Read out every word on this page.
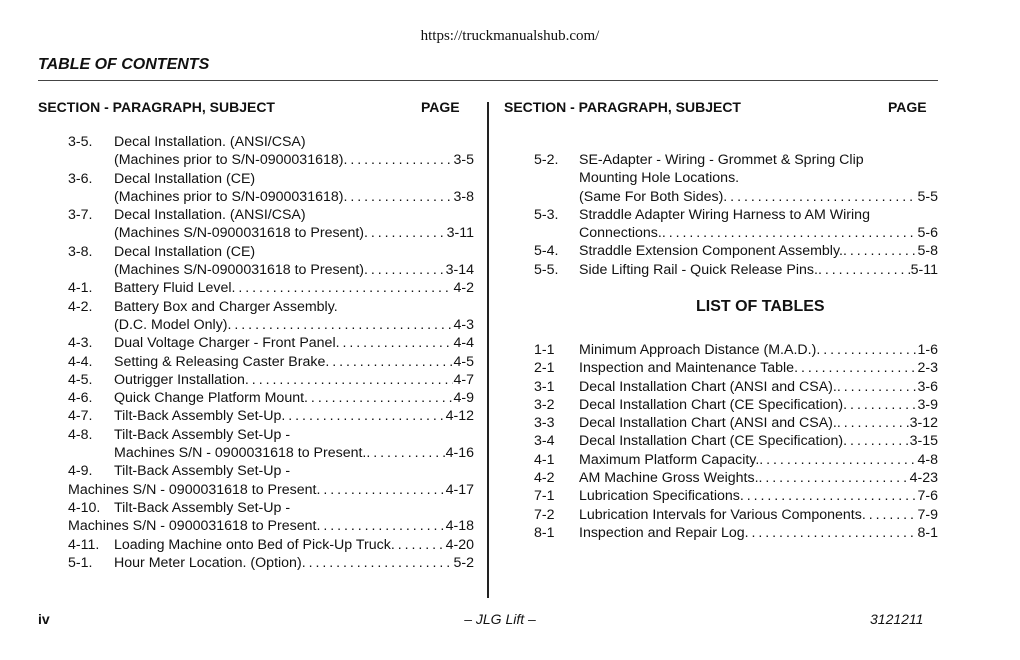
https://truckmanualshub.com/
TABLE OF CONTENTS
SECTION - PARAGRAPH, SUBJECT	PAGE	SECTION - PARAGRAPH, SUBJECT	PAGE
3-5.	Decal Installation. (ANSI/CSA)
(Machines prior to S/N-0900031618) . . .	3-5
3-6.	Decal Installation (CE)
(Machines prior to S/N-0900031618) . . .	3-8
3-7.	Decal Installation. (ANSI/CSA)
(Machines S/N-0900031618 to Present) . . .	3-11
3-8.	Decal Installation (CE)
(Machines S/N-0900031618 to Present) . . .	3-14
4-1.	Battery Fluid Level . . .	4-2
4-2.	Battery Box and Charger Assembly.
(D.C. Model Only) . . .	4-3
4-3.	Dual Voltage Charger - Front Panel . . .	4-4
4-4.	Setting & Releasing Caster Brake . . .	4-5
4-5.	Outrigger Installation . . .	4-7
4-6.	Quick Change Platform Mount . . .	4-9
4-7.	Tilt-Back Assembly Set-Up . . .	4-12
4-8.	Tilt-Back Assembly Set-Up -
Machines S/N - 0900031618 to Present. . . .	4-16
4-9.	Tilt-Back Assembly Set-Up -
Machines S/N - 0900031618 to Present . . .	4-17
4-10. Tilt-Back Assembly Set-Up -
Machines S/N - 0900031618 to Present . . .	4-18
4-11.	Loading Machine onto Bed of Pick-Up Truck . . .	4-20
5-1.	Hour Meter Location. (Option) . . .	5-2
5-2.	SE-Adapter - Wiring - Grommet & Spring Clip
Mounting Hole Locations.
(Same For Both Sides) . . .	5-5
5-3.	Straddle Adapter Wiring Harness to AM Wiring
Connections. . . .	5-6
5-4.	Straddle Extension Component Assembly. . . .	5-8
5-5.	Side Lifting Rail - Quick Release Pins. . . .	5-11
LIST OF TABLES
1-1	Minimum Approach Distance (M.A.D.) . . .	1-6
2-1	Inspection and Maintenance Table . . .	2-3
3-1	Decal Installation Chart (ANSI and CSA). . . .	3-6
3-2	Decal Installation Chart (CE Specification) . . .	3-9
3-3	Decal Installation Chart (ANSI and CSA). . . .	3-12
3-4	Decal Installation Chart (CE Specification) . . .	3-15
4-1	Maximum Platform Capacity. . . .	4-8
4-2	AM Machine Gross Weights. . . .	4-23
7-1	Lubrication Specifications . . .	7-6
7-2	Lubrication Intervals for Various Components . . .	7-9
8-1	Inspection and Repair Log . . .	8-1
iv	– JLG Lift –	3121211
